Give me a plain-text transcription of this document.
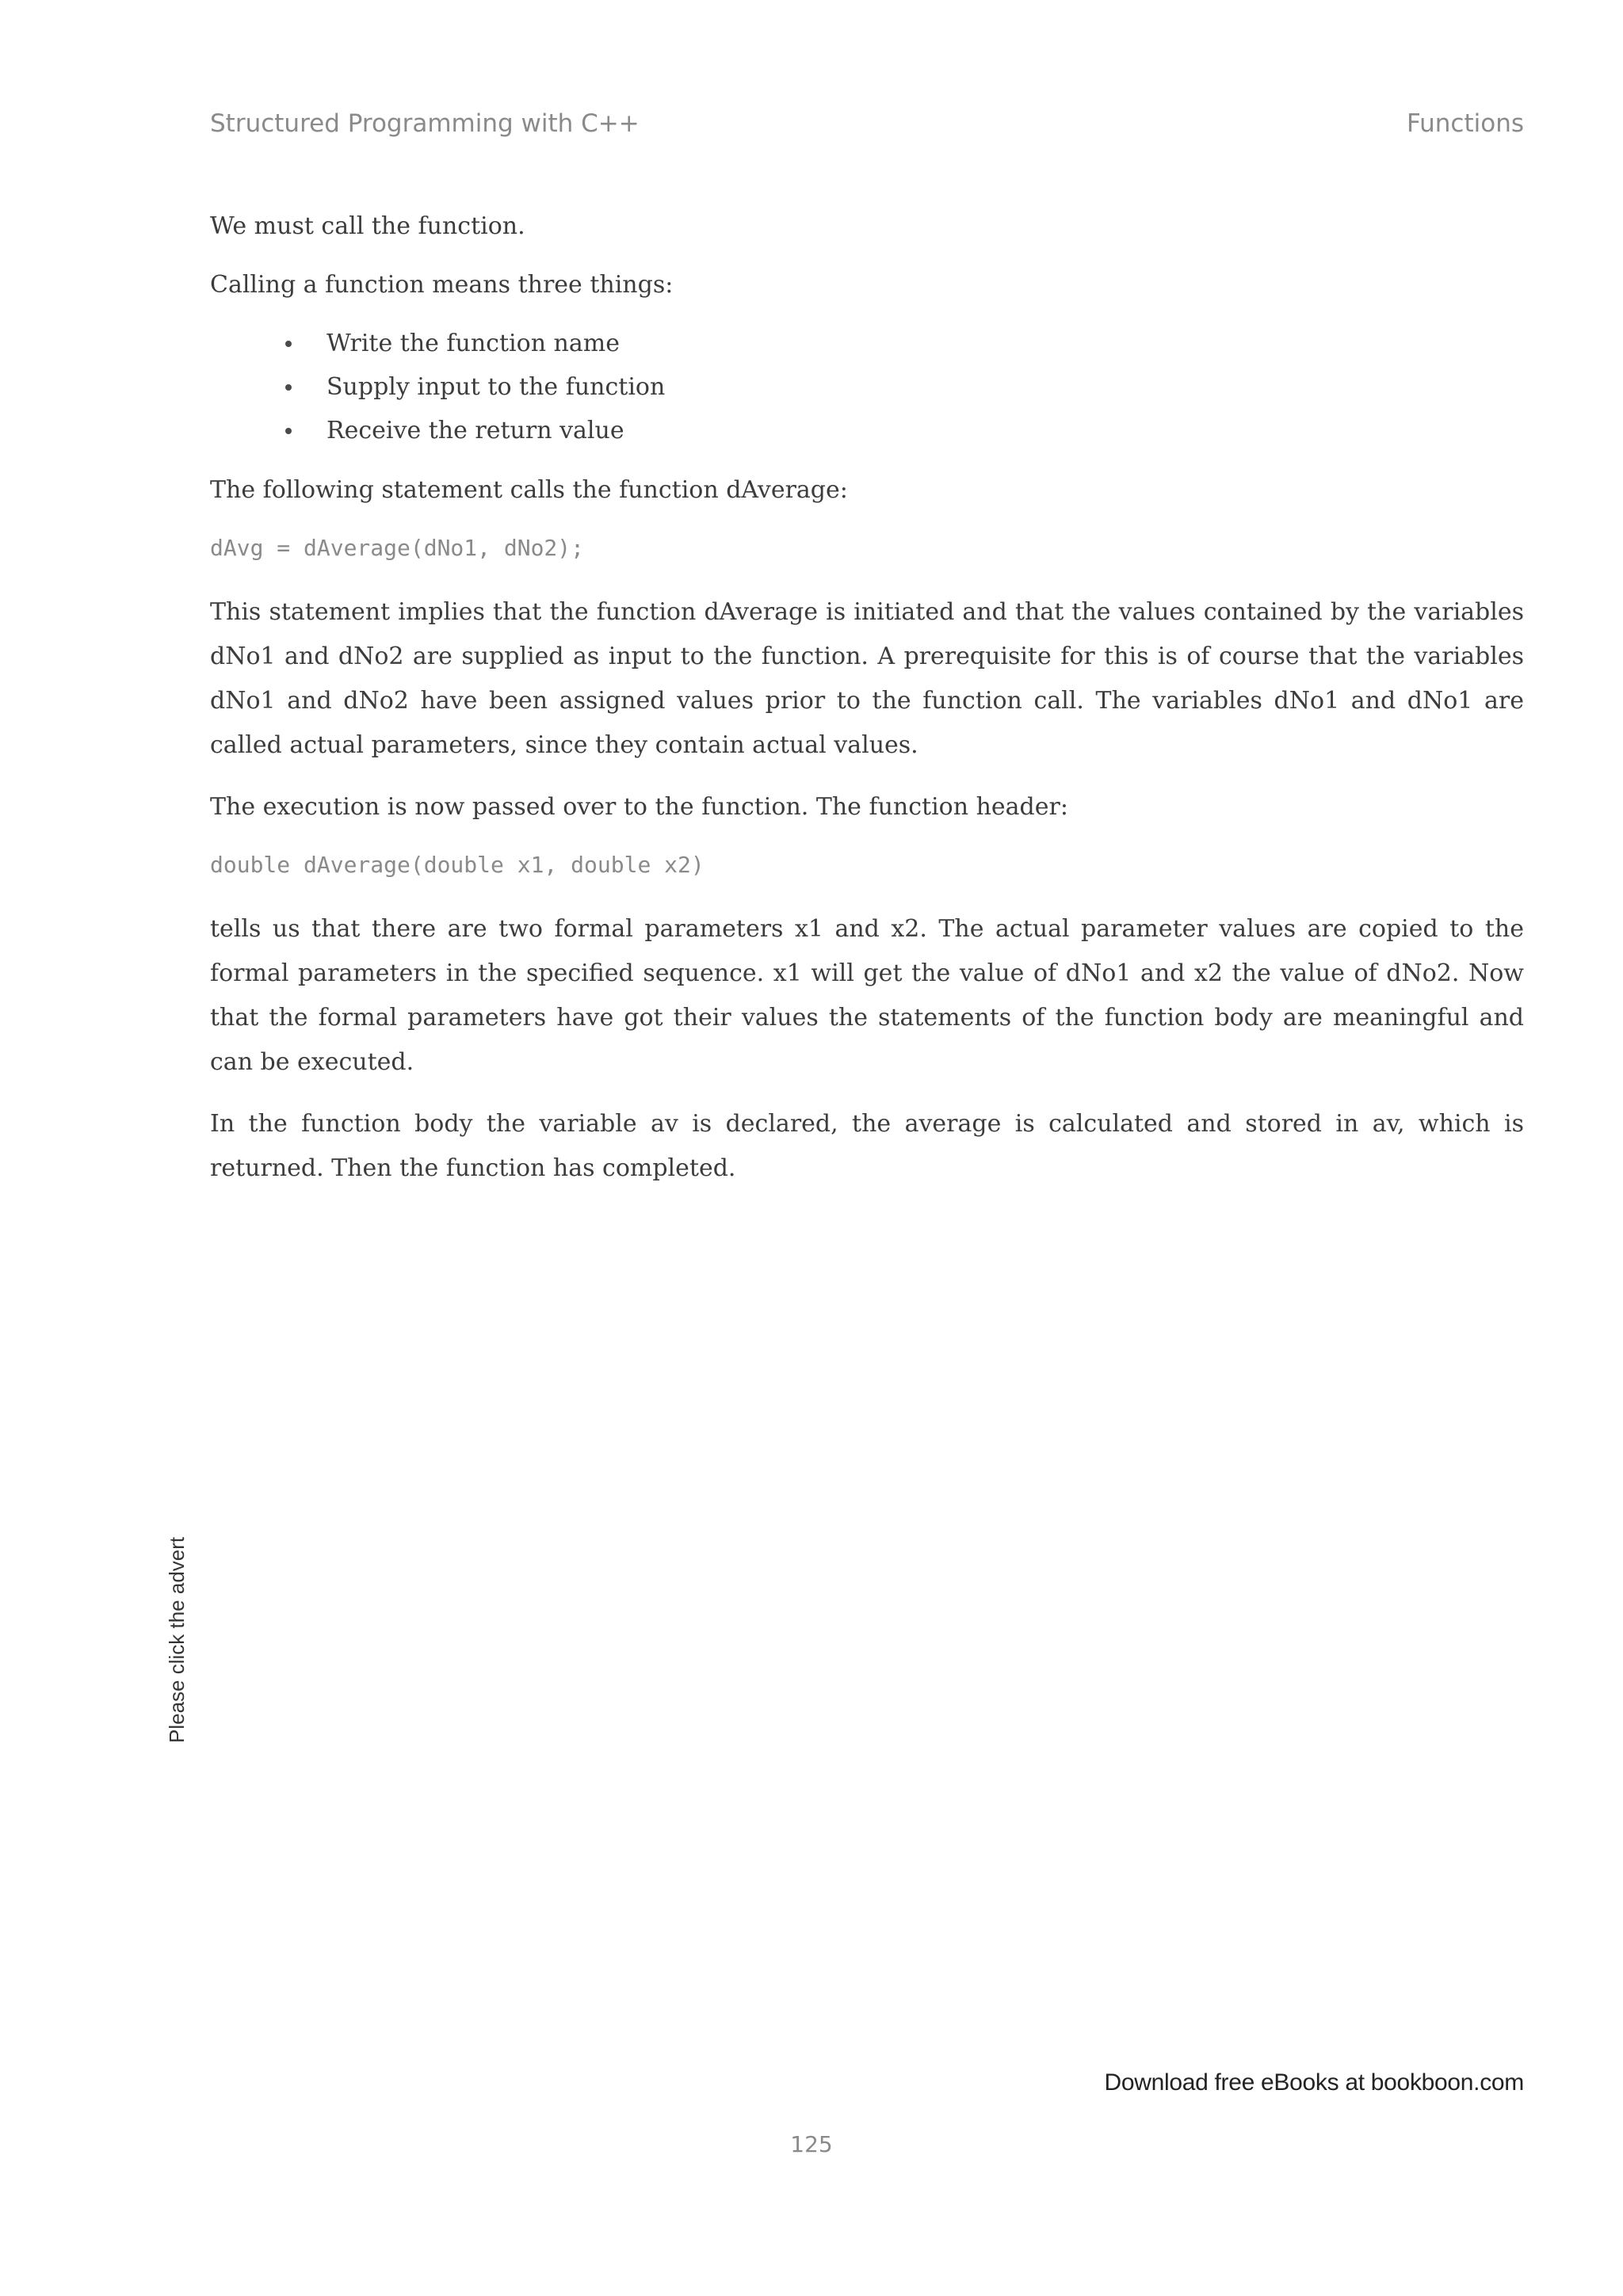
Structured Programming with C++	Functions

We must call the function.

Calling a function means three things:

Write the function name
Supply input to the function
Receive the return value

The following statement calls the function dAverage:

dAvg = dAverage(dNo1, dNo2);

This statement implies that the function dAverage is initiated and that the values contained by the variables dNo1 and dNo2 are supplied as input to the function. A prerequisite for this is of course that the variables dNo1 and dNo2 have been assigned values prior to the function call. The variables dNo1 and dNo1 are called actual parameters, since they contain actual values.

The execution is now passed over to the function. The function header:

double dAverage(double x1, double x2)

tells us that there are two formal parameters x1 and x2. The actual parameter values are copied to the formal parameters in the specified sequence. x1 will get the value of dNo1 and x2 the value of dNo2. Now that the formal parameters have got their values the statements of the function body are meaningful and can be executed.

In the function body the variable av is declared, the average is calculated and stored in av, which is returned. Then the function has completed.

Please click the advert
Download free eBooks at bookboon.com
125
